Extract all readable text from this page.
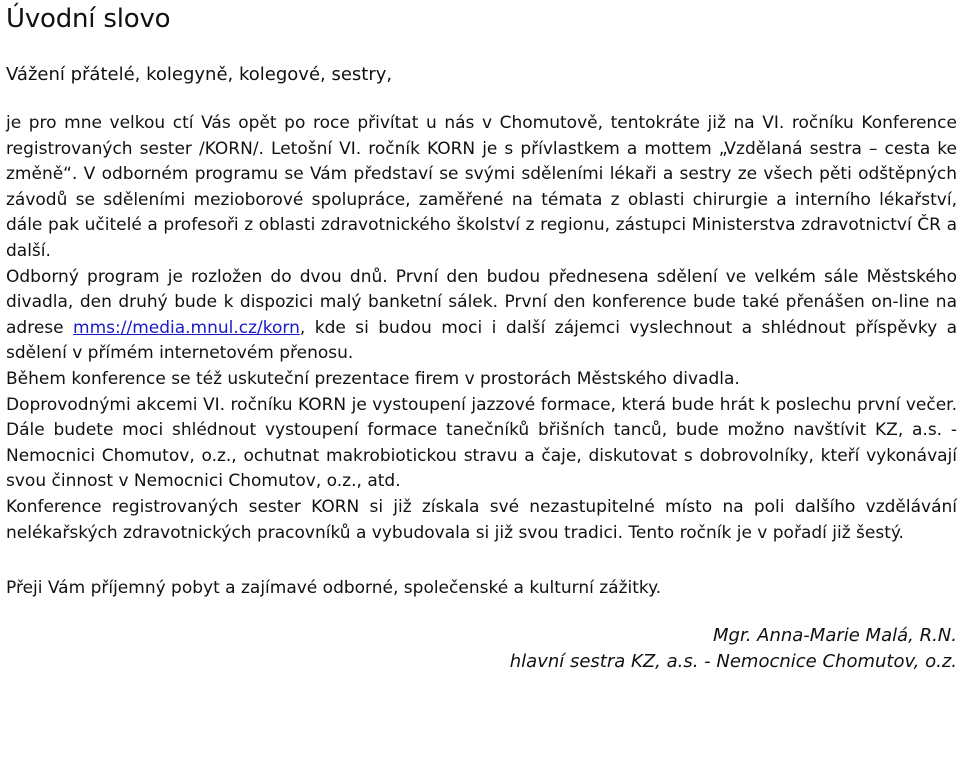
Úvodní slovo
Vážení přátelé, kolegyně, kolegové, sestry,

je pro mne velkou ctí Vás opět po roce přivítat u nás v Chomutově, tentokráte již na VI. ročníku Konference registrovaných sester /KORN/. Letošní VI. ročník KORN je s přívlastkem a mottem „Vzdělaná sestra – cesta ke změně“. V odborném programu se Vám představí se svými sděleními lékaři a sestry ze všech pěti odštěpných závodů se sděleními mezioborové spolupráce, zaměřené na témata z oblasti chirurgie a interního lékařství, dále pak učitelé a profesoři z oblasti zdravotnického školství z regionu, zástupci Ministerstva zdravotnictví ČR a další.

Odborný program je rozložen do dvou dnů. První den budou přednesena sdělení ve velkém sále Městského divadla, den druhý bude k dispozici malý banketní sálek. První den konference bude také přenášen on-line na adrese mms://media.mnul.cz/korn, kde si budou moci i další zájemci vyslechnout a shlédnout příspěvky a sdělení v přímém internetovém přenosu.

Během konference se též uskuteční prezentace firem v prostorách Městského divadla.

Doprovodnými akcemi VI. ročníku KORN je vystoupení jazzové formace, která bude hrát k poslechu první večer. Dále budete moci shlédnout vystoupení formace tanečníků břišních tanců, bude možno navštívit KZ, a.s. - Nemocnici Chomutov, o.z., ochutnat makrobiotickou stravu a čaje, diskutovat s dobrovolníky, kteří vykonávají svou činnost v Nemocnici Chomutov, o.z., atd.

Konference registrovaných sester KORN si již získala své nezastupitelné místo na poli dalšího vzdělávání nelékařských zdravotnických pracovníků a vybudovala si již svou tradici. Tento ročník je v pořadí již šestý.

Přeji Vám příjemný pobyt a zajímavé odborné, společenské a kulturní zážitky.
Mgr. Anna-Marie Malá, R.N.
hlavní sestra KZ, a.s. - Nemocnice Chomutov, o.z.
